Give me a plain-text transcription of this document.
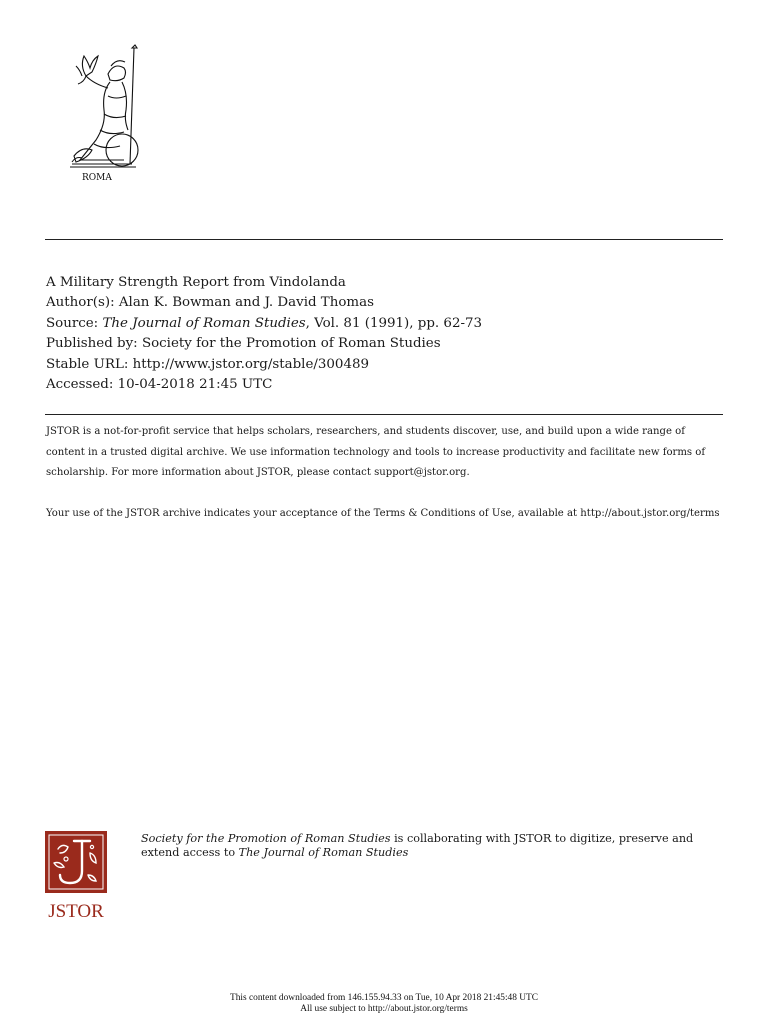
ROMA
A Military Strength Report from Vindolanda
Author(s): Alan K. Bowman and J. David Thomas
Source: The Journal of Roman Studies, Vol. 81 (1991), pp. 62-73
Published by: Society for the Promotion of Roman Studies
Stable URL: http://www.jstor.org/stable/300489
Accessed: 10-04-2018 21:45 UTC

JSTOR is a not-for-profit service that helps scholars, researchers, and students discover, use, and build upon a wide range of content in a trusted digital archive. We use information technology and tools to increase productivity and facilitate new forms of scholarship. For more information about JSTOR, please contact support@jstor.org.

Your use of the JSTOR archive indicates your acceptance of the Terms & Conditions of Use, available at http://about.jstor.org/terms

JSTOR
Society for the Promotion of Roman Studies is collaborating with JSTOR to digitize, preserve and extend access to The Journal of Roman Studies
This content downloaded from 146.155.94.33 on Tue, 10 Apr 2018 21:45:48 UTC
All use subject to http://about.jstor.org/terms
